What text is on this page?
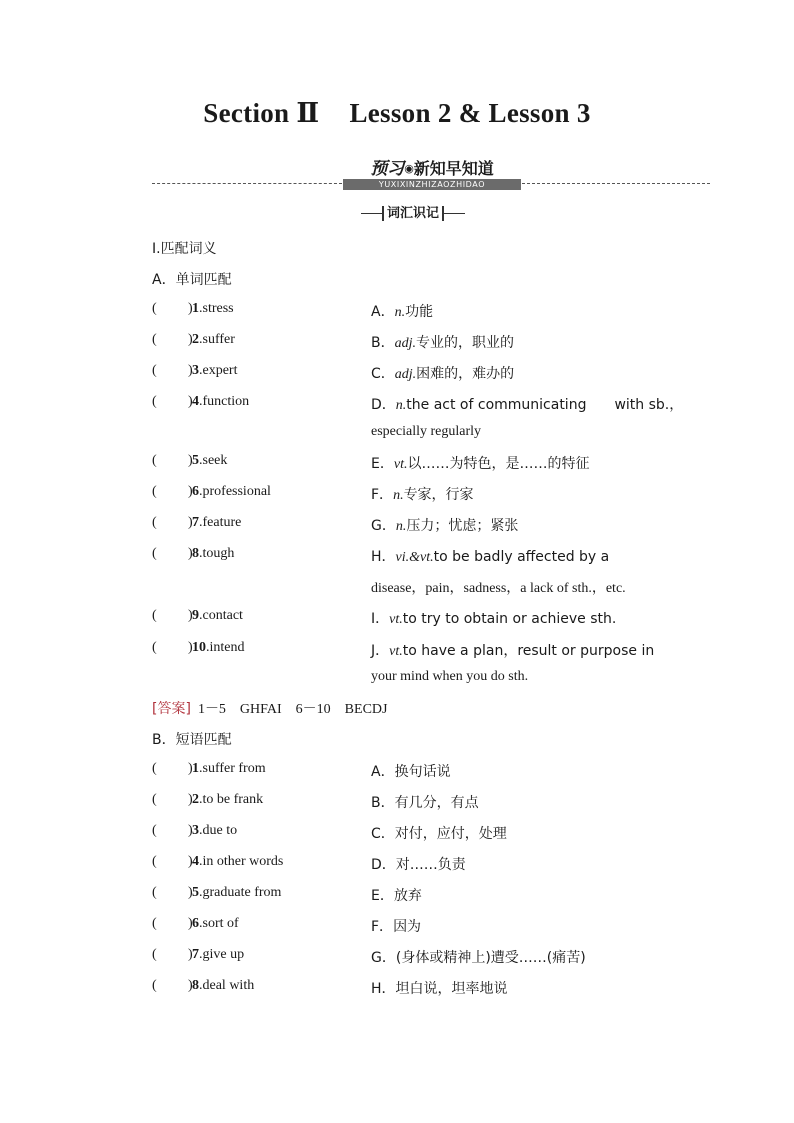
Section Ⅱ Lesson 2 & Lesson 3
预习◉新知早知道
YUXIXINZHIZAOZHIDAO
词汇识记
Ⅰ.匹配词义
A．单词匹配
( ) 1.stress	A．n.功能
( ) 2.suffer	B．adj.专业的，职业的
( ) 3.expert	C．adj.困难的，难办的
( ) 4.function	D．n.the act of communicating　　with sb.，
especially regularly
( ) 5.seek	E．vt.以……为特色，是……的特征
( ) 6.professional	F．n.专家，行家
( ) 7.feature	G．n.压力；忧虑；紧张
( ) 8.tough	H．vi.&vt.to be badly affected by a
disease，pain，sadness，a lack of sth.，etc.
( ) 9.contact	I．vt.to try to obtain or achieve sth.
( ) 10.intend	J．vt.to have a plan，result or purpose in
your mind when you do sth.
[答案] 1－5　GHFAI　6－10　BECDJ
B．短语匹配
( ) 1.suffer from	A．换句话说
( ) 2.to be frank	B．有几分，有点
( ) 3.due to	C．对付，应付，处理
( ) 4.in other words	D．对……负责
( ) 5.graduate from	E．放弃
( ) 6.sort of	F．因为
( ) 7.give up	G．(身体或精神上)遭受……(痛苦)
( ) 8.deal with	H．坦白说，坦率地说
